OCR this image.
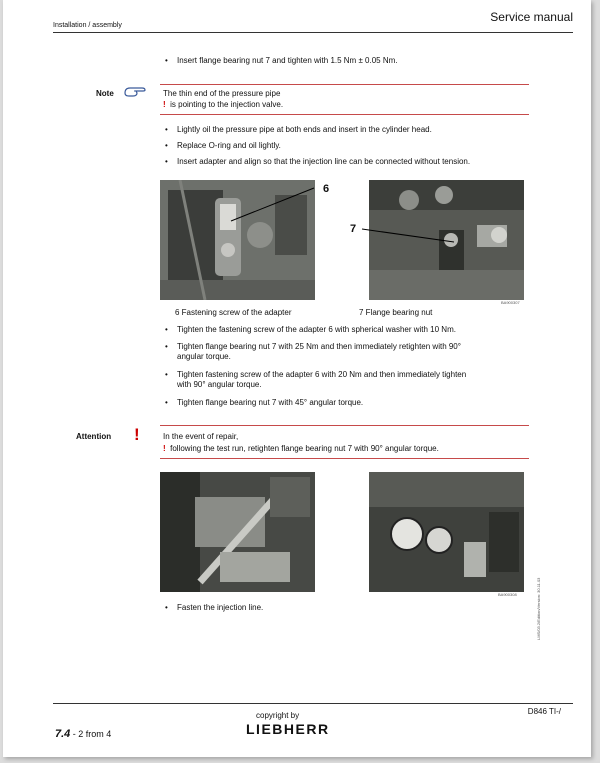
Service manual
Installation / assembly
• Insert flange bearing nut 7 and tighten with 1.5 Nm ± 0.05 Nm.
Note	The thin end of the pressure pipe
! is pointing to the injection valve.
• Lightly oil the pressure pipe at both ends and insert in the cylinder head.
• Replace O-ring and oil lightly.
• Insert adapter and align so that the injection line can be connected without tension.
6
7
BA900307
6 Fastening screw of the adapter	7 Flange bearing nut
• Tighten the fastening screw of the adapter 6 with spherical washer with 10 Nm.
• Tighten flange bearing nut 7 with 25 Nm and then immediately retighten with 90°
angular torque.
• Tighten fastening screw of the adapter 6 with 20 Nm and then immediately tighten
with 90° angular torque.
• Tighten flange bearing nut 7 with 45° angular torque.
Attention !	In the event of repair,
! following the test run, retighten flange bearing nut 7 with 90° angular torque.
BA900308
• Fasten the injection line.	LMS/03.2/Edition/Version: 30.11.03
D846 TI-/
copyright by
LIEBHERR
7.4 - 2 from 4
